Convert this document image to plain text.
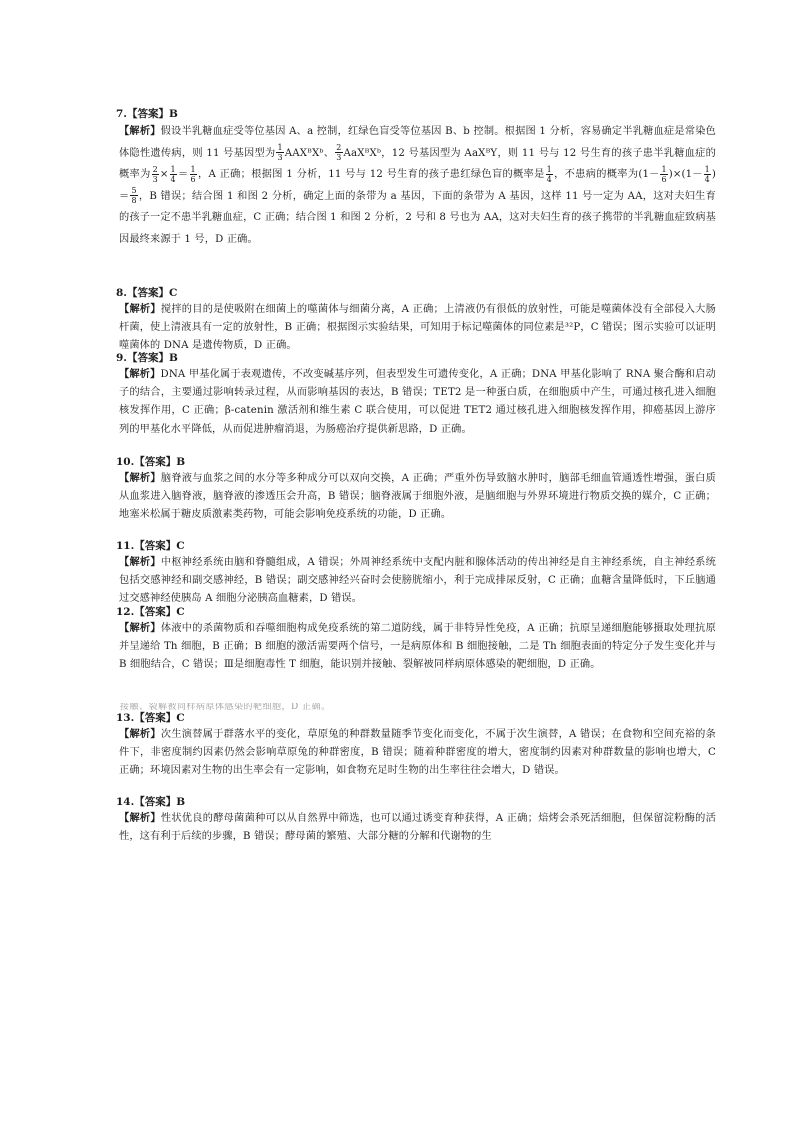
7.【答案】B

【解析】假设半乳糖血症受等位基因 A、a 控制，红绿色盲受等位基因 B、b 控制。根据图 1 分析，容易确定半乳糖血症是常染色体隐性遗传病，则 11 号基因型为 $\frac{1}{3}$ AAXᴮXᵇ、 $\frac{2}{3}$ AaXᴮXᵇ，12 号基因型为 AaXᴮY，则 11 号与 12 号生育的孩子患半乳糖血症的概率为 $\frac{2}{3} \times \frac{1}{4} = \frac{1}{6}$ ，A 正确；根据图 1 分析，11 号与 12 号生育的孩子患红绿色盲的概率是 $\frac{1}{4}$ ，不患病的概率为$(1- \frac{1}{6} )\times(1- \frac{1}{4}$ )＝ $\frac{5}{8}$ ，B 错误；结合图 1 和图 2 分析，确定上面的条带为 a 基因，下面的条带为 A 基因，这样 11 号一定为 AA，这对夫妇生育的孩子一定不患半乳糖血症，C 正确；结合图 1 和图 2 分析，2 号和 8 号也为 AA，这对夫妇生育的孩子携带的半乳糖血症致病基因最终来源于 1 号，D 正确。

8.【答案】C

【解析】搅拌的目的是使吸附在细菌上的噬菌体与细菌分离，A 正确；上清液仍有很低的放射性，可能是噬菌体没有全部侵入大肠杆菌，使上清液具有一定的放射性，B 正确；根据图示实验结果，可知用于标记噬菌体的同位素是³²P，C 错误；图示实验可以证明噬菌体的 DNA 是遗传物质，D 正确。

9.【答案】B

【解析】DNA 甲基化属于表观遗传，不改变碱基序列，但表型发生可遗传变化，A 正确；DNA 甲基化影响了 RNA 聚合酶和启动子的结合，主要通过影响转录过程，从而影响基因的表达，B 错误；TET2 是一种蛋白质，在细胞质中产生，可通过核孔进入细胞核发挥作用，C 正确；β-catenin 激活剂和维生素 C 联合使用，可以促进 TET2 通过核孔进入细胞核发挥作用，抑癌基因上游序列的甲基化水平降低，从而促进肿瘤消退，为肠癌治疗提供新思路，D 正确。

10.【答案】B

【解析】脑脊液与血浆之间的水分等多种成分可以双向交换，A 正确；严重外伤导致脑水肿时，脑部毛细血管通透性增强，蛋白质从血浆进入脑脊液，脑脊液的渗透压会升高，B 错误；脑脊液属于细胞外液，是脑细胞与外界环境进行物质交换的媒介，C 正确；地塞米松属于糖皮质激素类药物，可能会影响免疫系统的功能，D 正确。

11.【答案】C

【解析】中枢神经系统由脑和脊髓组成，A 错误；外周神经系统中支配内脏和腺体活动的传出神经是自主神经系统，自主神经系统包括交感神经和副交感神经，B 错误；副交感神经兴奋时会使膀胱缩小，利于完成排尿反射，C 正确；血糖含量降低时，下丘脑通过交感神经使胰岛 A 细胞分泌胰高血糖素，D 错误。

12.【答案】C

【解析】体液中的杀菌物质和吞噬细胞构成免疫系统的第二道防线，属于非特异性免疫，A 正确；抗原呈递细胞能够摄取处理抗原并呈递给 Th 细胞，B 正确；B 细胞的激活需要两个信号，一是病原体和 B 细胞接触，二是 Th 细胞表面的特定分子发生变化并与 B 细胞结合，C 错误；Ⅲ是细胞毒性 T 细胞，能识别并接触、裂解被同样病原体感染的靶细胞，D 正确。

接触、裂解被同样病原体感染的靶细胞，D 正确。

13.【答案】C

【解析】次生演替属于群落水平的变化，草原兔的种群数量随季节变化而变化，不属于次生演替，A 错误；在食物和空间充裕的条件下，非密度制约因素仍然会影响草原兔的种群密度，B 错误；随着种群密度的增大，密度制约因素对种群数量的影响也增大，C 正确；环境因素对生物的出生率会有一定影响，如食物充足时生物的出生率往往会增大，D 错误。

14.【答案】B

【解析】性状优良的酵母菌菌种可以从自然界中筛选，也可以通过诱变育种获得，A 正确；焙烤会杀死活细胞，但保留淀粉酶的活性，这有利于后续的步骤，B 错误；酵母菌的繁殖、大部分糖的分解和代谢物的生
